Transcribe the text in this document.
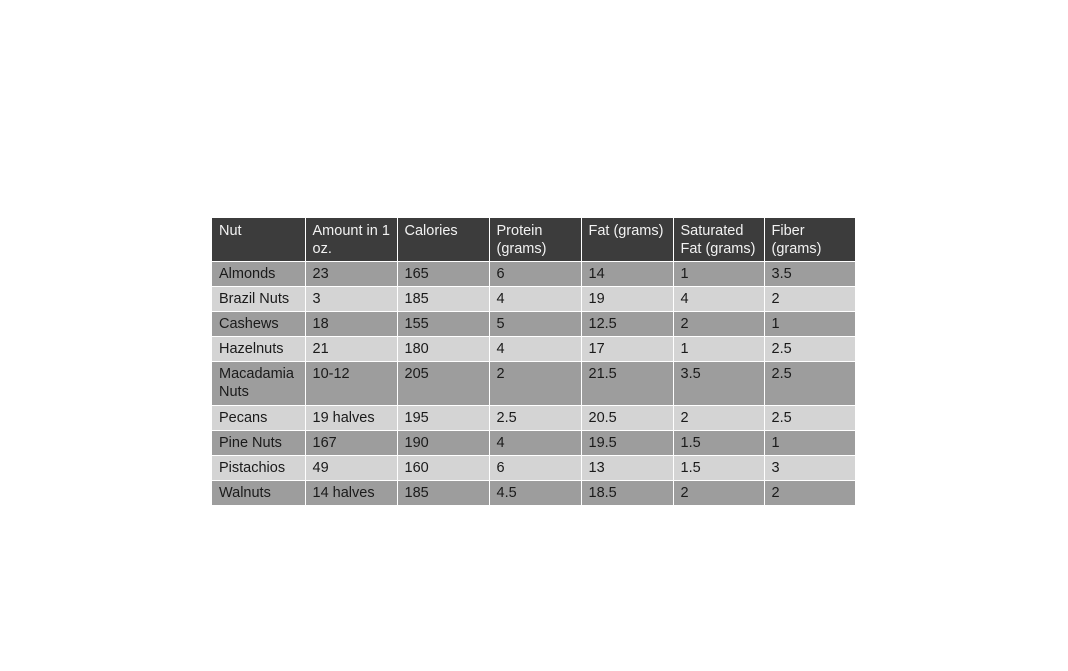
Nut	Amount in 1 oz.	Calories	Protein (grams)	Fat (grams)	Saturated Fat (grams)	Fiber (grams)
Almonds	23	165	6	14	1	3.5
Brazil Nuts	3	185	4	19	4	2
Cashews	18	155	5	12.5	2	1
Hazelnuts	21	180	4	17	1	2.5
Macadamia Nuts	10-12	205	2	21.5	3.5	2.5
Pecans	19 halves	195	2.5	20.5	2	2.5
Pine Nuts	167	190	4	19.5	1.5	1
Pistachios	49	160	6	13	1.5	3
Walnuts	14 halves	185	4.5	18.5	2	2
